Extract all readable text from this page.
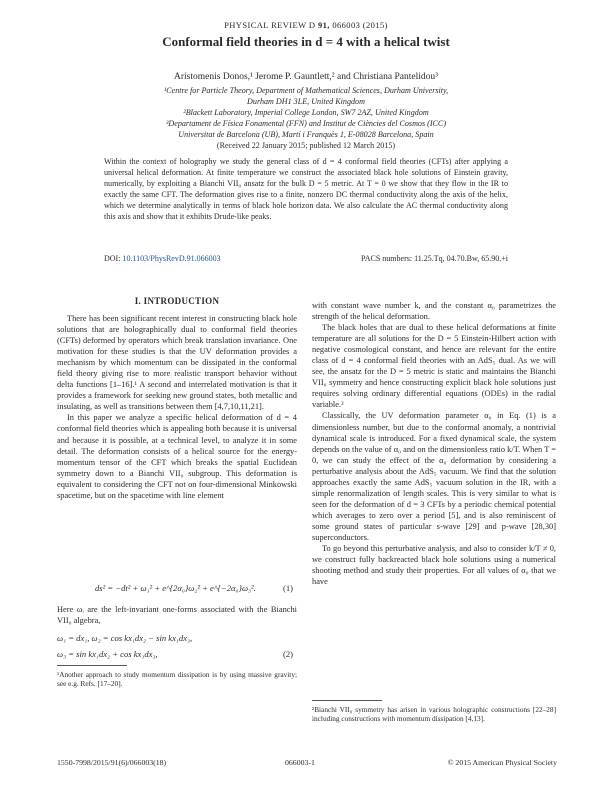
PHYSICAL REVIEW D 91, 066003 (2015)
Conformal field theories in d = 4 with a helical twist
Aristomenis Donos,¹ Jerome P. Gauntlett,² and Christiana Pantelidou³
¹Centre for Particle Theory, Department of Mathematical Sciences, Durham University,
Durham DH1 3LE, United Kingdom
²Blackett Laboratory, Imperial College London, SW7 2AZ, United Kingdom
³Departament de Física Fonamental (FFN) and Institut de Ciències del Cosmos (ICC)
Universitat de Barcelona (UB), Martí i Franquès 1, E-08028 Barcelona, Spain
(Received 22 January 2015; published 12 March 2015)
Within the context of holography we study the general class of d = 4 conformal field theories (CFTs) after applying a universal helical deformation. At finite temperature we construct the associated black hole solutions of Einstein gravity, numerically, by exploiting a Bianchi VII₀ ansatz for the bulk D = 5 metric. At T = 0 we show that they flow in the IR to exactly the same CFT. The deformation gives rise to a finite, nonzero DC thermal conductivity along the axis of the helix, which we determine analytically in terms of black hole horizon data. We also calculate the AC thermal conductivity along this axis and show that it exhibits Drude-like peaks.
DOI: 10.1103/PhysRevD.91.066003	PACS numbers: 11.25.Tq, 04.70.Bw, 65.90.+i
I. INTRODUCTION

There has been significant recent interest in constructing black hole solutions that are holographically dual to conformal field theories (CFTs) deformed by operators which break translation invariance. One motivation for these studies is that the UV deformation provides a mechanism by which momentum can be dissipated in the conformal field theory giving rise to more realistic transport behavior without delta functions [1–16].¹ A second and interrelated motivation is that it provides a framework for seeking new ground states, both metallic and insulating, as well as transitions between them [4,7,10,11,21].

In this paper we analyze a specific helical deformation of d = 4 conformal field theories which is appealing both because it is universal and because it is possible, at a technical level, to analyze it in some detail. The deformation consists of a helical source for the energy-momentum tensor of the CFT which breaks the spatial Euclidean symmetry down to a Bianchi VII₀ subgroup. This deformation is equivalent to considering the CFT not on four-dimensional Minkowski spacetime, but on the spacetime with line element

ds² = −dt² + ω₁² + e^{2α₀}ω₂² + e^{−2α₀}ω₃².	(1)

Here ωᵢ are the left-invariant one-forms associated with the Bianchi VII₀ algebra,

ω₁ = dx₁, ω₂ = cos kx₁dx₂ − sin kx₁dx₃,
ω₃ = sin kx₁dx₂ + cos kx₁dx₃,	(2)
¹Another approach to study momentum dissipation is by using massive gravity; see e.g. Refs. [17–20].

with constant wave number k, and the constant α₀ parametrizes the strength of the helical deformation.

The black holes that are dual to these helical deformations at finite temperature are all solutions for the D = 5 Einstein-Hilbert action with negative cosmological constant, and hence are relevant for the entire class of d = 4 conformal field theories with an AdS₅ dual. As we will see, the ansatz for the D = 5 metric is static and maintains the Bianchi VII₀ symmetry and hence constructing explicit black hole solutions just requires solving ordinary differential equations (ODEs) in the radial variable.²

Classically, the UV deformation parameter α₀ in Eq. (1) is a dimensionless number, but due to the conformal anomaly, a nontrivial dynamical scale is introduced. For a fixed dynamical scale, the system depends on the value of α₀ and on the dimensionless ratio k/T. When T = 0, we can study the effect of the α₀ deformation by considering a perturbative analysis about the AdS₅ vacuum. We find that the solution approaches exactly the same AdS₅ vacuum solution in the IR, with a simple renormalization of length scales. This is very similar to what is seen for the deformation of d = 3 CFTs by a periodic chemical potential which averages to zero over a period [5], and is also reminiscent of some ground states of particular s-wave [29] and p-wave [28,30] superconductors.

To go beyond this perturbative analysis, and also to consider k/T ≠ 0, we construct fully backreacted black hole solutions using a numerical shooting method and study their properties. For all values of α₀ that we have

²Bianchi VII₀ symmetry has arisen in various holographic constructions [22–28] including constructions with momentum dissipation [4,13].
1550-7998/2015/91(6)/066003(18)	066003-1	© 2015 American Physical Society
